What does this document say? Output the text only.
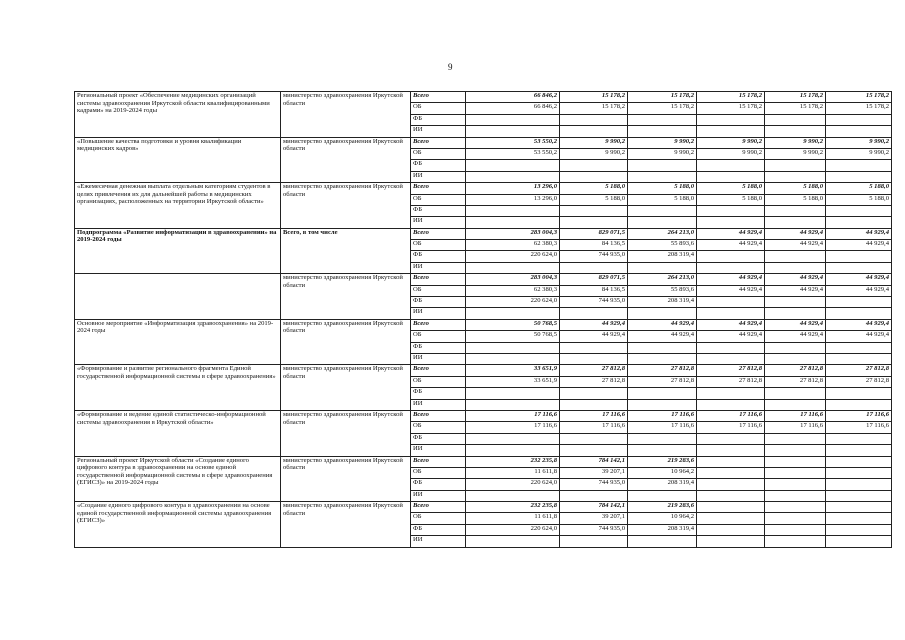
9
Региональный проект «Обеспечение медицинских организаций системы здравоохранения Иркутской области квалифицированными кадрами» на 2019-2024 годы	министерство здравоохранения Иркутской области	Всего	66 846,2	15 178,2	15 178,2	15 178,2	15 178,2	15 178,2
		ОБ	66 846,2	15 178,2	15 178,2	15 178,2	15 178,2	15 178,2
		ФБ						
		ИИ						
«Повышение качества подготовки и уровня квалификации медицинских кадров»	министерство здравоохранения Иркутской области	Всего	53 550,2	9 990,2	9 990,2	9 990,2	9 990,2	9 990,2
		ОБ	53 550,2	9 990,2	9 990,2	9 990,2	9 990,2	9 990,2
		ФБ						
		ИИ						
«Ежемесячная денежная выплата отдельным категориям студентов в целях привлечения их для дальнейшей работы в медицинских организациях, расположенных на территории Иркутской области»	министерство здравоохранения Иркутской области	Всего	13 296,0	5 188,0	5 188,0	5 188,0	5 188,0	5 188,0
		ОБ	13 296,0	5 188,0	5 188,0	5 188,0	5 188,0	5 188,0
		ФБ						
		ИИ						
Подпрограмма «Развитие информатизации в здравоохранении» на 2019-2024 годы	Всего, в том числе	Всего	283 004,3	829 071,5	264 213,0	44 929,4	44 929,4	44 929,4
		ОБ	62 380,3	84 136,5	55 893,6	44 929,4	44 929,4	44 929,4
		ФБ	220 624,0	744 935,0	208 319,4			
		ИИ						
	министерство здравоохранения Иркутской области	Всего	283 004,3	829 071,5	264 213,0	44 929,4	44 929,4	44 929,4
		ОБ	62 380,3	84 136,5	55 893,6	44 929,4	44 929,4	44 929,4
		ФБ	220 624,0	744 935,0	208 319,4			
		ИИ						
Основное мероприятие «Информатизация здравоохранения» на 2019-2024 годы	министерство здравоохранения Иркутской области	Всего	50 768,5	44 929,4	44 929,4	44 929,4	44 929,4	44 929,4
		ОБ	50 768,5	44 929,4	44 929,4	44 929,4	44 929,4	44 929,4
		ФБ						
		ИИ						
«Формирование и развитие регионального фрагмента Единой государственной информационной системы в сфере здравоохранения»	министерство здравоохранения Иркутской области	Всего	33 651,9	27 812,8	27 812,8	27 812,8	27 812,8	27 812,8
		ОБ	33 651,9	27 812,8	27 812,8	27 812,8	27 812,8	27 812,8
		ФБ						
		ИИ						
«Формирование и ведение единой статистическо-информационной системы здравоохранения в Иркутской области»	министерство здравоохранения Иркутской области	Всего	17 116,6	17 116,6	17 116,6	17 116,6	17 116,6	17 116,6
		ОБ	17 116,6	17 116,6	17 116,6	17 116,6	17 116,6	17 116,6
		ФБ						
		ИИ						
Региональный проект Иркутской области «Создание единого цифрового контура в здравоохранении на основе единой государственной информационной системы в сфере здравоохранения (ЕГИСЗ)» на 2019-2024 годы	министерство здравоохранения Иркутской области	Всего	232 235,8	784 142,1	219 283,6			
		ОБ	11 611,8	39 207,1	10 964,2			
		ФБ	220 624,0	744 935,0	208 319,4			
		ИИ						
«Создание единого цифрового контура в здравоохранении на основе единой государственной информационной системы здравоохранения (ЕГИСЗ)»	министерство здравоохранения Иркутской области	Всего	232 235,8	784 142,1	219 283,6			
		ОБ	11 611,8	39 207,1	10 964,2			
		ФБ	220 624,0	744 935,0	208 319,4			
		ИИ						
